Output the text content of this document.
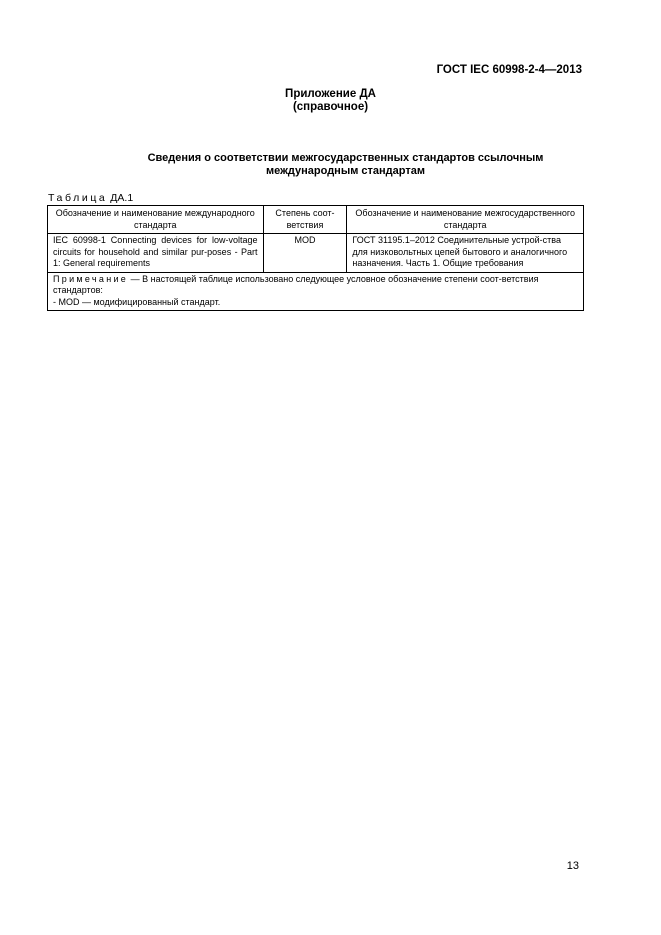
ГОСТ IEC 60998-2-4—2013
Приложение ДА
(справочное)
Сведения о соответствии межгосударственных стандартов ссылочным
международным стандартам
Таблица ДА.1
Обозначение и наименование международного стандарта	Степень соот-ветствия	Обозначение и наименование межгосударственного стандарта
IEC 60998-1 Connecting devices for low-voltage circuits for household and similar pur-poses - Part 1: General requirements	MOD	ГОСТ 31195.1–2012 Соединительные устрой-ства для низковольтных цепей бытового и аналогичного назначения. Часть 1. Общие требования
Примечание — В настоящей таблице использовано следующее условное обозначение степени соот-ветствия стандартов:
- MOD — модифицированный стандарт.		
13
